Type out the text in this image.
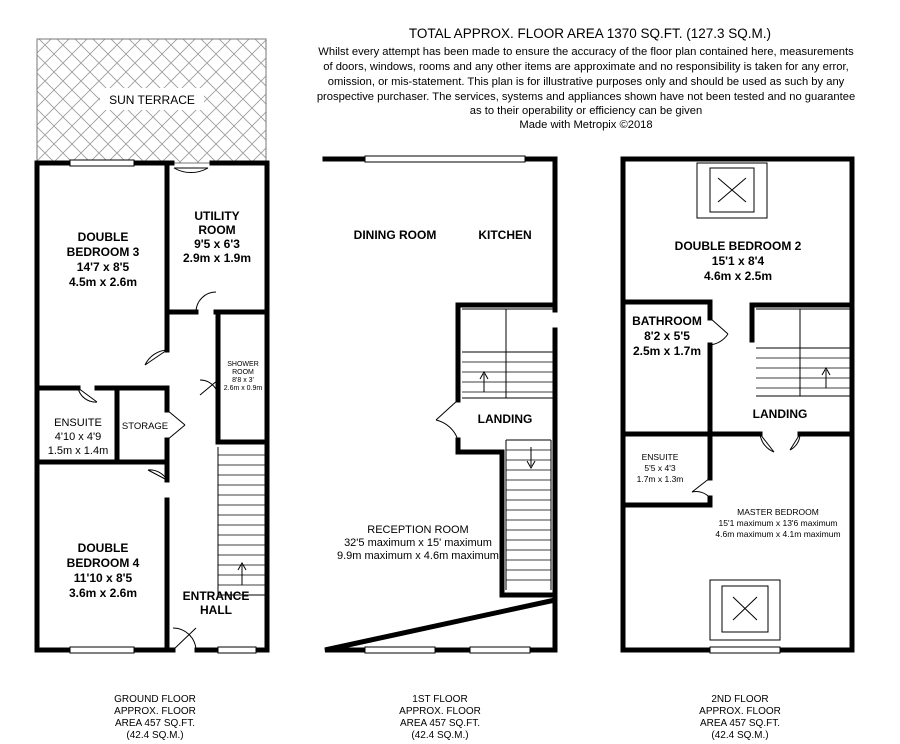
TOTAL APPROX. FLOOR AREA 1370 SQ.FT. (127.3 SQ.M.)
Whilst every attempt has been made to ensure the accuracy of the floor plan contained here, measurements
of doors, windows, rooms and any other items are approximate and no responsibility is taken for any error,
omission, or mis-statement. This plan is for illustrative purposes only and should be used as such by any
prospective purchaser. The services, systems and appliances shown have not been tested and no guarantee
as to their operability or efficiency can be given
Made with Metropix ©2018
SUN TERRACE
DOUBLE
BEDROOM 3
14'7 x 8'5
4.5m x 2.6m
UTILITY
ROOM
9'5 x 6'3
2.9m x 1.9m
SHOWER
ROOM
8'8 x 3'
2.6m x 0.9m
ENSUITE
4'10 x 4'9
1.5m x 1.4m
STORAGE
DOUBLE
BEDROOM 4
11'10 x 8'5
3.6m x 2.6m	ENTRANCE
HALL
GROUND FLOOR
APPROX. FLOOR
AREA 457 SQ.FT.
(42.4 SQ.M.)
DINING ROOM	KITCHEN
LANDING
RECEPTION ROOM
32'5 maximum x 15' maximum
9.9m maximum x 4.6m maximum
1ST FLOOR
APPROX. FLOOR
AREA 457 SQ.FT.
(42.4 SQ.M.)
DOUBLE BEDROOM 2
15'1 x 8'4
4.6m x 2.5m
BATHROOM
8'2 x 5'5
2.5m x 1.7m
LANDING
ENSUITE
5'5 x 4'3
1.7m x 1.3m
MASTER BEDROOM
15'1 maximum x 13'6 maximum
4.6m maximum x 4.1m maximum
2ND FLOOR
APPROX. FLOOR
AREA 457 SQ.FT.
(42.4 SQ.M.)
